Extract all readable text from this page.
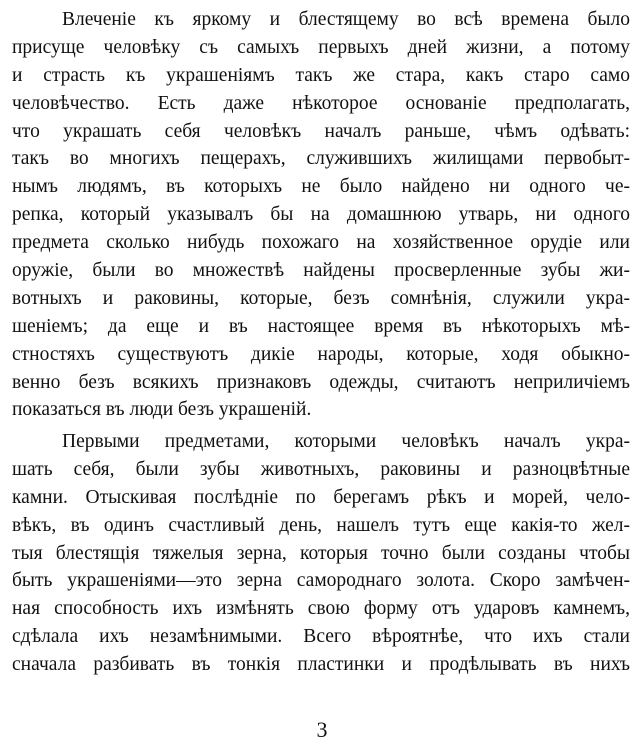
Влеченіе къ яркому и блестящему во всѣ времена было
присуще человѣку съ самыхъ первыхъ дней жизни, а потому
и страсть къ украшеніямъ такъ же стара, какъ старо само
человѣчество. Есть даже нѣкоторое основаніе предполагать,
что украшать себя человѣкъ началъ раньше, чѣмъ одѣвать:
такъ во многихъ пещерахъ, служившихъ жилищами первобыт-
нымъ людямъ, въ которыхъ не было найдено ни одного че-
репка, который указывалъ бы на домашнюю утварь, ни одного
предмета сколько нибудь похожаго на хозяйственное орудіе или
оружіе, были во множествѣ найдены просверленные зубы жи-
вотныхъ и раковины, которые, безъ сомнѣнія, служили укра-
шеніемъ; да еще и въ настоящее время въ нѣкоторыхъ мѣ-
стностяхъ существуютъ дикіе народы, которые, ходя обыкно-
венно безъ всякихъ признаковъ одежды, считаютъ неприличіемъ
показаться въ люди безъ украшеній.
Первыми предметами, которыми человѣкъ началъ укра-
шать себя, были зубы животныхъ, раковины и разноцвѣтные
камни. Отыскивая послѣдніе по берегамъ рѣкъ и морей, чело-
вѣкъ, въ одинъ счастливый день, нашелъ тутъ еще какія-то жел-
тыя блестящія тяжелыя зерна, которыя точно были созданы чтобы
быть украшеніями—это зерна самороднаго золота. Скоро замѣчен-
ная способность ихъ измѣнять свою форму отъ ударовъ камнемъ,
сдѣлала ихъ незамѣнимыми. Всего вѣроятнѣе, что ихъ стали
сначала разбивать въ тонкія пластинки и продѣлывать въ нихъ
3
